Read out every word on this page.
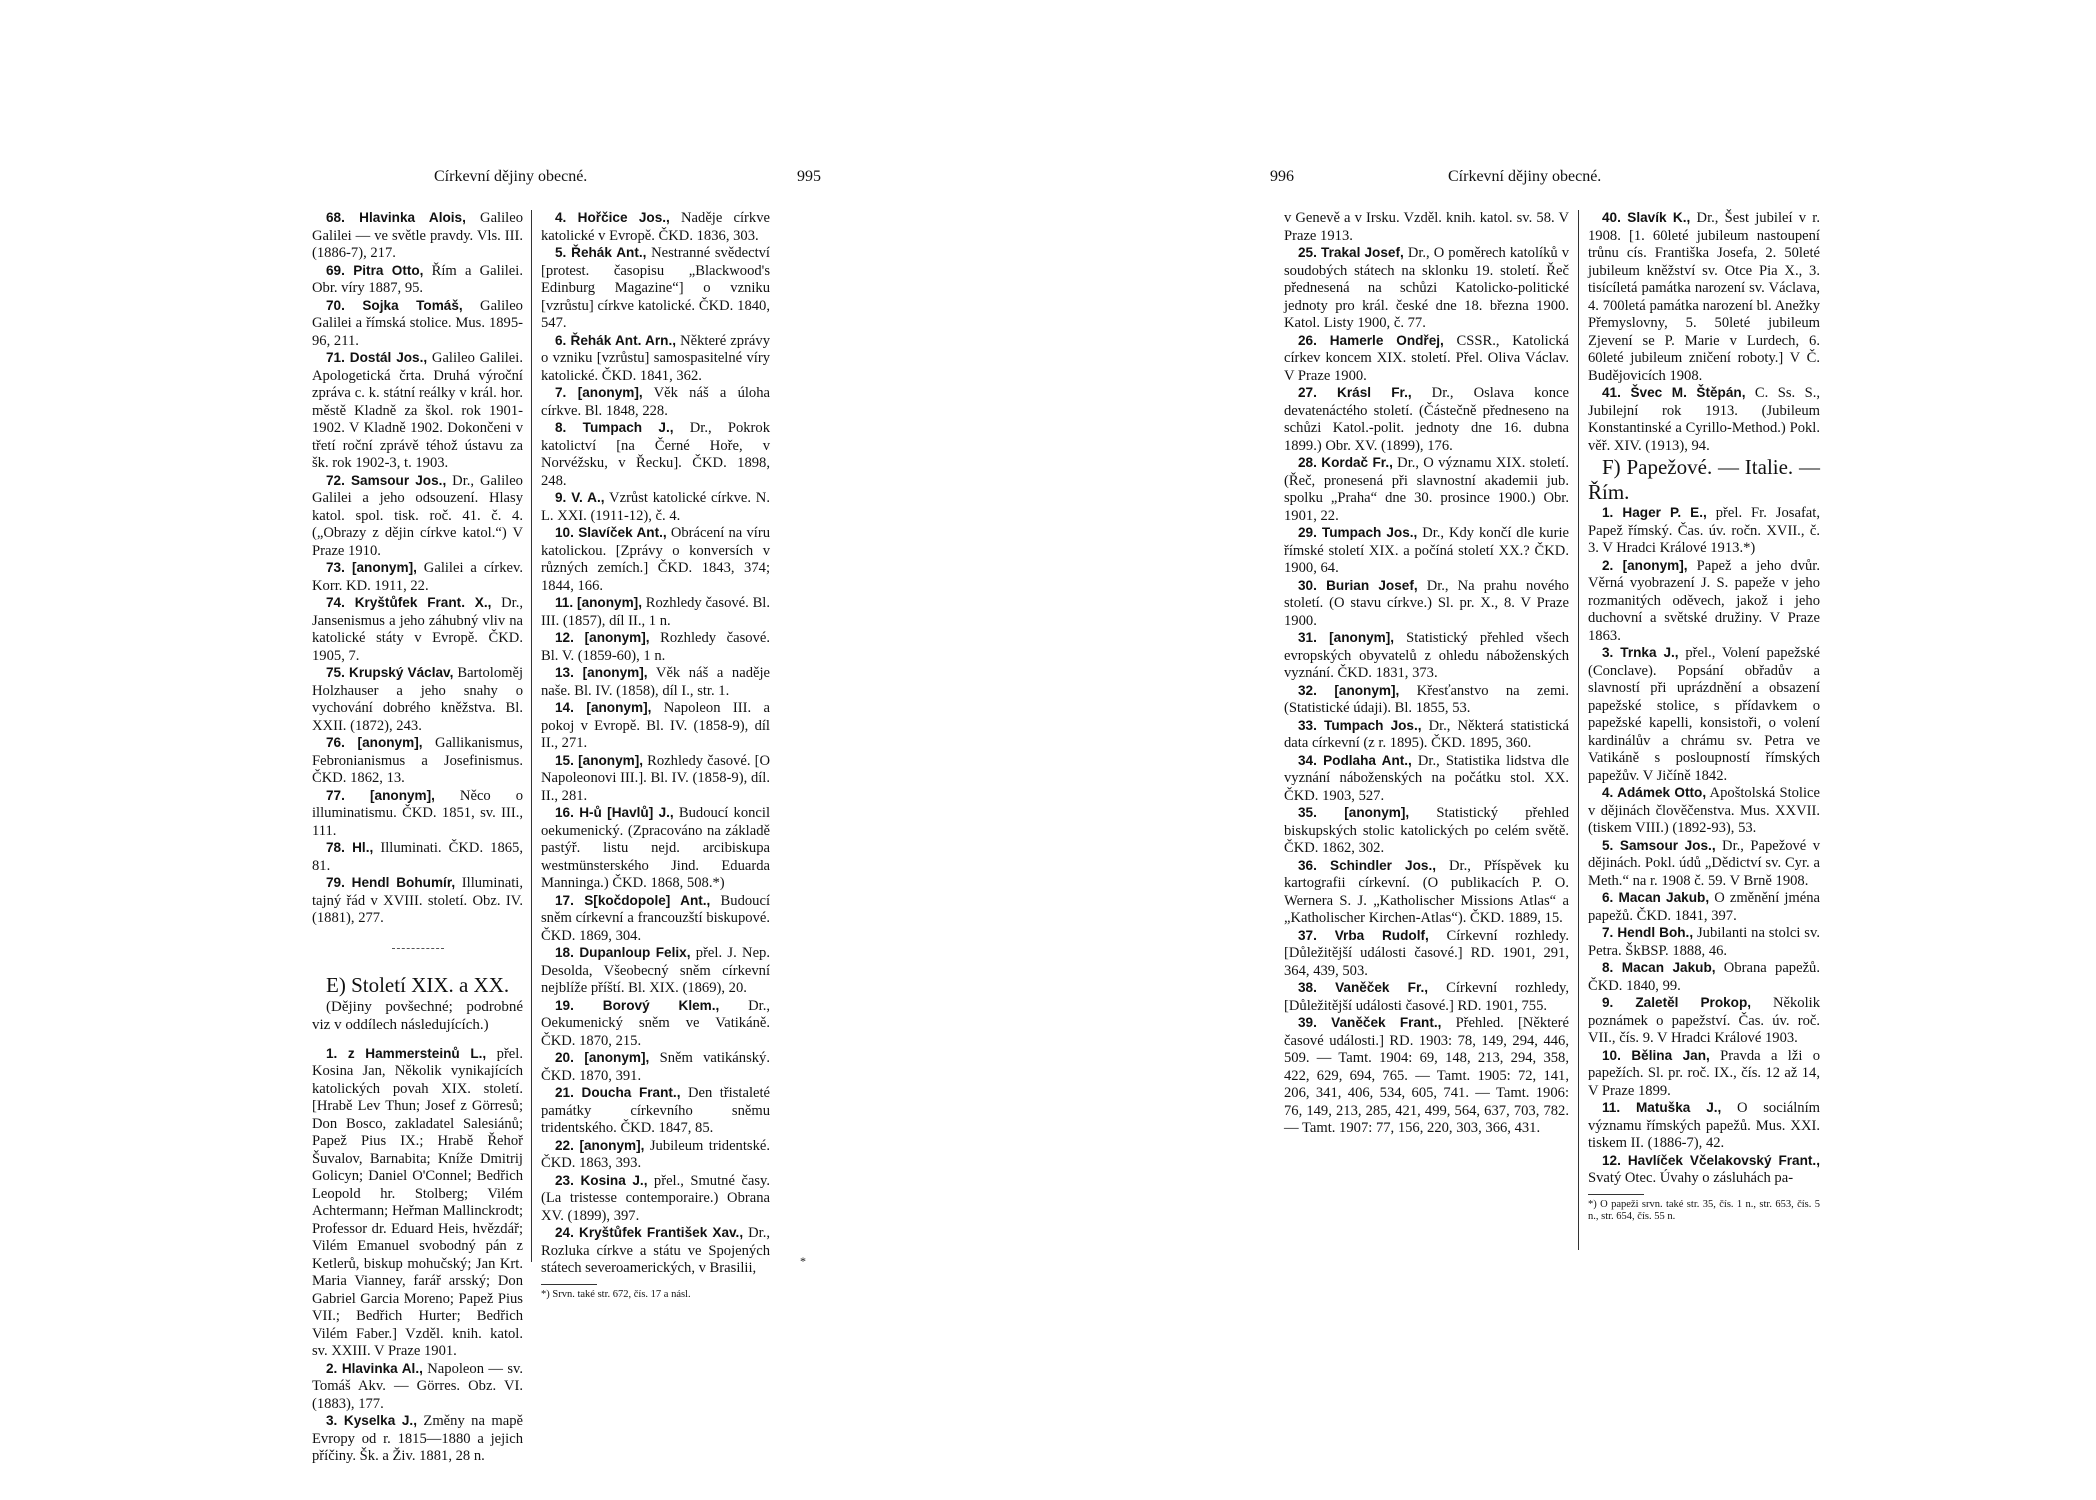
Církevní dějiny obecné.	995	996	Církevní dějiny obecné.

68. Hlavinka Alois, Galileo Galilei — ve světle pravdy. Vls. III. (1886-7), 217.

69. Pitra Otto, Řím a Galilei. Obr. víry 1887, 95.

70. Sojka Tomáš, Galileo Galilei a římská stolice. Mus. 1895-96, 211.

71. Dostál Jos., Galileo Galilei. Apologetická črta. Druhá výroční zpráva c. k. státní reálky v král. hor. městě Kladně za škol. rok 1901-1902. V Kladně 1902. Dokončeni v třetí roční zprávě téhož ústavu za šk. rok 1902-3, t. 1903.

72. Samsour Jos., Dr., Galileo Galilei a jeho odsouzení. Hlasy katol. spol. tisk. roč. 41. č. 4. („Obrazy z dějin církve katol.“) V Praze 1910.

73. [anonym], Galilei a církev. Korr. KD. 1911, 22.

74. Kryštůfek Frant. X., Dr., Jansenismus a jeho záhubný vliv na katolické státy v Evropě. ČKD. 1905, 7.

75. Krupský Václav, Bartoloměj Holzhauser a jeho snahy o vychování dobrého kněžstva. Bl. XXII. (1872), 243.

76. [anonym], Gallikanismus, Febronianismus a Josefinismus. ČKD. 1862, 13.

77. [anonym], Něco o illuminatismu. ČKD. 1851, sv. III., 111.

78. Hl., Illuminati. ČKD. 1865, 81.

79. Hendl Bohumír, Illuminati, tajný řád v XVIII. století. Obz. IV. (1881), 277.

E) Století XIX. a XX.

(Dějiny povšechné; podrobné viz v oddílech následujících.)

1. z Hammersteinů L., přel. Kosina Jan, Několik vynikajících katolických povah XIX. století. [Hrabě Lev Thun; Josef z Görresů; Don Bosco, zakladatel Salesiánů; Papež Pius IX.; Hrabě Řehoř Šuvalov, Barnabita; Kníže Dmitrij Golicyn; Daniel O'Connel; Bedřich Leopold hr. Stolberg; Vilém Achtermann; Heřman Mallinckrodt; Professor dr. Eduard Heis, hvězdář; Vilém Emanuel svobodný pán z Ketlerů, biskup mohučský; Jan Krt. Maria Vianney, farář arsský; Don Gabriel Garcia Moreno; Papež Pius VII.; Bedřich Hurter; Bedřich Vilém Faber.] Vzděl. knih. katol. sv. XXIII. V Praze 1901.

2. Hlavinka Al., Napoleon — sv. Tomáš Akv. — Görres. Obz. VI. (1883), 177.

3. Kyselka J., Změny na mapě Evropy od r. 1815—1880 a jejich příčiny. Šk. a Živ. 1881, 28 n.

4. Hořčice Jos., Naděje církve katolické v Evropě. ČKD. 1836, 303.

5. Řehák Ant., Nestranné svědectví [protest. časopisu „Blackwood's Edinburg Magazine“] o vzniku [vzrůstu] církve katolické. ČKD. 1840, 547.

6. Řehák Ant. Arn., Některé zprávy o vzniku [vzrůstu] samospasitelné víry katolické. ČKD. 1841, 362.

7. [anonym], Věk náš a úloha církve. Bl. 1848, 228.

8. Tumpach J., Dr., Pokrok katolictví [na Černé Hoře, v Norvéžsku, v Řecku]. ČKD. 1898, 248.

9. V. A., Vzrůst katolické církve. N. L. XXI. (1911-12), č. 4.

10. Slavíček Ant., Obrácení na víru katolickou. [Zprávy o konversích v různých zemích.] ČKD. 1843, 374; 1844, 166.

11. [anonym], Rozhledy časové. Bl. III. (1857), díl II., 1 n.

12. [anonym], Rozhledy časové. Bl. V. (1859-60), 1 n.

13. [anonym], Věk náš a naděje naše. Bl. IV. (1858), díl I., str. 1.

14. [anonym], Napoleon III. a pokoj v Evropě. Bl. IV. (1858-9), díl II., 271.

15. [anonym], Rozhledy časové. [O Napoleonovi III.]. Bl. IV. (1858-9), díl. II., 281.

16. H-ů [Havlů] J., Budoucí koncil oekumenický. (Zpracováno na základě pastýř. listu nejd. arcibiskupa westmünsterského Jind. Eduarda Manninga.) ČKD. 1868, 508.*)

17. S[kočdopole] Ant., Budoucí sněm církevní a francouzští biskupové. ČKD. 1869, 304.

18. Dupanloup Felix, přel. J. Nep. Desolda, Všeobecný sněm církevní nejblíže příští. Bl. XIX. (1869), 20.

19. Borový Klem., Dr., Oekumenický sněm ve Vatikáně. ČKD. 1870, 215.

20. [anonym], Sněm vatikánský. ČKD. 1870, 391.

21. Doucha Frant., Den třistaleté památky církevního sněmu tridentského. ČKD. 1847, 85.

22. [anonym], Jubileum tridentské. ČKD. 1863, 393.

23. Kosina J., přel., Smutné časy. (La tristesse contemporaire.) Obrana XV. (1899), 397.

24. Kryštůfek František Xav., Dr., Rozluka církve a státu ve Spojených státech severoamerických, v Brasilii,

*) Srvn. také str. 672, čís. 17 a násl.

*

v Genevě a v Irsku. Vzděl. knih. katol. sv. 58. V Praze 1913.

25. Trakal Josef, Dr., O poměrech katolíků v soudobých státech na sklonku 19. století. Řeč přednesená na schůzi Katolicko-politické jednoty pro král. české dne 18. března 1900. Katol. Listy 1900, č. 77.

26. Hamerle Ondřej, CSSR., Katolická církev koncem XIX. století. Přel. Oliva Václav. V Praze 1900.

27. Krásl Fr., Dr., Oslava konce devatenáctého století. (Částečně předneseno na schůzi Katol.-polit. jednoty dne 16. dubna 1899.) Obr. XV. (1899), 176.

28. Kordač Fr., Dr., O významu XIX. století. (Řeč, pronesená při slavnostní akademii jub. spolku „Praha“ dne 30. prosince 1900.) Obr. 1901, 22.

29. Tumpach Jos., Dr., Kdy končí dle kurie římské století XIX. a počíná století XX.? ČKD. 1900, 64.

30. Burian Josef, Dr., Na prahu nového století. (O stavu církve.) Sl. pr. X., 8. V Praze 1900.

31. [anonym], Statistický přehled všech evropských obyvatelů z ohledu náboženských vyznání. ČKD. 1831, 373.

32. [anonym], Křesťanstvo na zemi. (Statistické údaji). Bl. 1855, 53.

33. Tumpach Jos., Dr., Některá statistická data církevní (z r. 1895). ČKD. 1895, 360.

34. Podlaha Ant., Dr., Statistika lidstva dle vyznání náboženských na počátku stol. XX. ČKD. 1903, 527.

35. [anonym], Statistický přehled biskupských stolic katolických po celém světě. ČKD. 1862, 302.

36. Schindler Jos., Dr., Příspěvek ku kartografii církevní. (O publikacích P. O. Wernera S. J. „Katholischer Missions Atlas“ a „Katholischer Kirchen-Atlas“). ČKD. 1889, 15.

37. Vrba Rudolf, Církevní rozhledy. [Důležitější události časové.] RD. 1901, 291, 364, 439, 503.

38. Vaněček Fr., Církevní rozhledy, [Důležitější události časové.] RD. 1901, 755.

39. Vaněček Frant., Přehled. [Některé časové události.] RD. 1903: 78, 149, 294, 446, 509. — Tamt. 1904: 69, 148, 213, 294, 358, 422, 629, 694, 765. — Tamt. 1905: 72, 141, 206, 341, 406, 534, 605, 741. — Tamt. 1906: 76, 149, 213, 285, 421, 499, 564, 637, 703, 782. — Tamt. 1907: 77, 156, 220, 303, 366, 431.

40. Slavík K., Dr., Šest jubileí v r. 1908. [1. 60leté jubileum nastoupení trůnu cís. Františka Josefa, 2. 50leté jubileum kněžství sv. Otce Pia X., 3. tisícíletá památka narození sv. Václava, 4. 700letá památka narození bl. Anežky Přemyslovny, 5. 50leté jubileum Zjevení se P. Marie v Lurdech, 6. 60leté jubileum zničení roboty.] V Č. Budějovicích 1908.

41. Švec M. Štěpán, C. Ss. S., Jubilejní rok 1913. (Jubileum Konstantinské a Cyrillo-Method.) Pokl. věř. XIV. (1913), 94.

F) Papežové. — Italie. — Řím.

1. Hager P. E., přel. Fr. Josafat, Papež římský. Čas. úv. ročn. XVII., č. 3. V Hradci Králové 1913.*)

2. [anonym], Papež a jeho dvůr. Věrná vyobrazení J. S. papeže v jeho rozmanitých oděvech, jakož i jeho duchovní a světské družiny. V Praze 1863.

3. Trnka J., přel., Volení papežské (Conclave). Popsání obřadův a slavností při uprázdnění a obsazení papežské stolice, s přídavkem o papežské kapelli, konsistoři, o volení kardinálův a chrámu sv. Petra ve Vatikáně s posloupností římských papežův. V Jičíně 1842.

4. Adámek Otto, Apoštolská Stolice v dějinách člověčenstva. Mus. XXVII. (tiskem VIII.) (1892-93), 53.

5. Samsour Jos., Dr., Papežové v dějinách. Pokl. údů „Dědictví sv. Cyr. a Meth.“ na r. 1908 č. 59. V Brně 1908.

6. Macan Jakub, O změnění jména papežů. ČKD. 1841, 397.

7. Hendl Boh., Jubilanti na stolci sv. Petra. ŠkBSP. 1888, 46.

8. Macan Jakub, Obrana papežů. ČKD. 1840, 99.

9. Zaletěl Prokop, Několik poznámek o papežství. Čas. úv. roč. VII., čís. 9. V Hradci Králové 1903.

10. Bělina Jan, Pravda a lži o papežích. Sl. pr. roč. IX., čís. 12 až 14, V Praze 1899.

11. Matuška J., O sociálním významu římských papežů. Mus. XXI. tiskem II. (1886-7), 42.

12. Havlíček Včelakovský Frant., Svatý Otec. Úvahy o zásluhách pa-

*) O papeži srvn. také str. 35, čís. 1 n., str. 653, čís. 5 n., str. 654, čís. 55 n.
